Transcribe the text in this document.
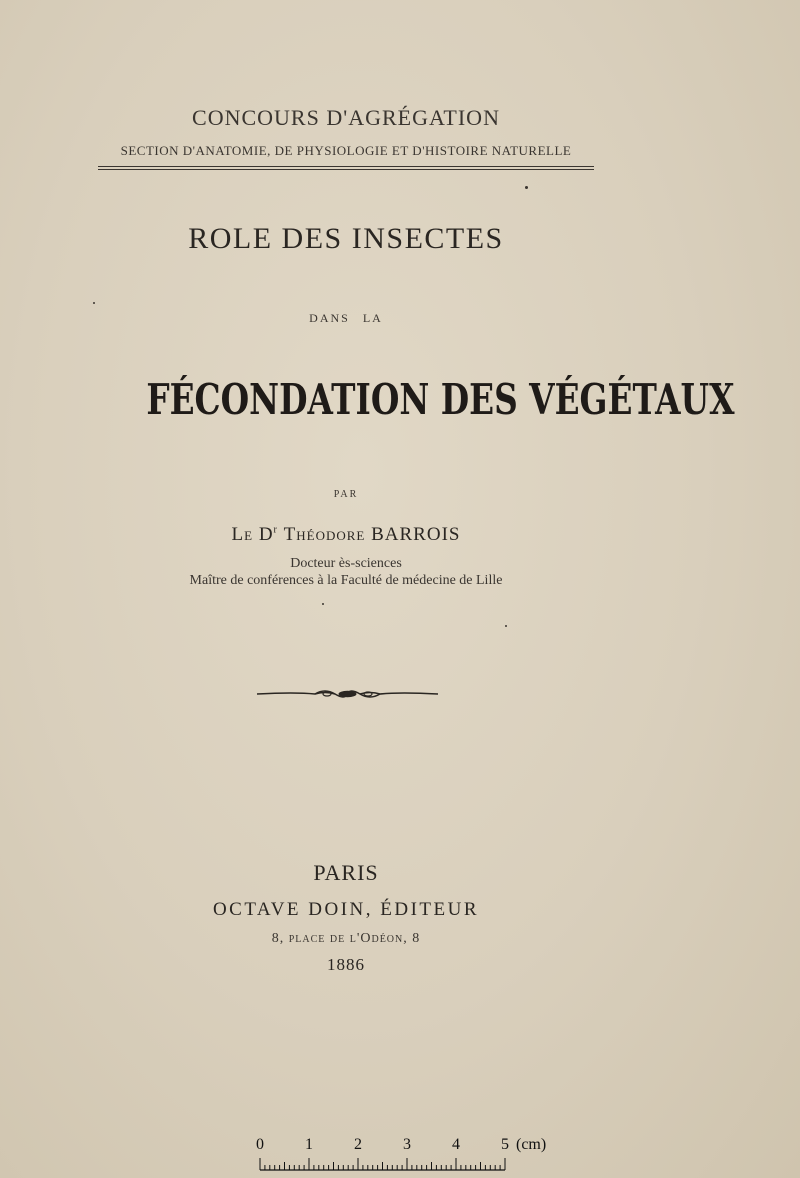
CONCOURS D'AGRÉGATION
SECTION D'ANATOMIE, DE PHYSIOLOGIE ET D'HISTOIRE NATURELLE
ROLE DES INSECTES
DANS LA
FÉCONDATION DES VÉGÉTAUX
PAR
Le $D^r$ Théodore BARROIS
Docteur ès-sciences
Maître de conférences à la Faculté de médecine de Lille
PARIS
OCTAVE DOIN, ÉDITEUR
8, place de l'Odéon, 8
1886
0	1	2	3	4	5 (cm)
